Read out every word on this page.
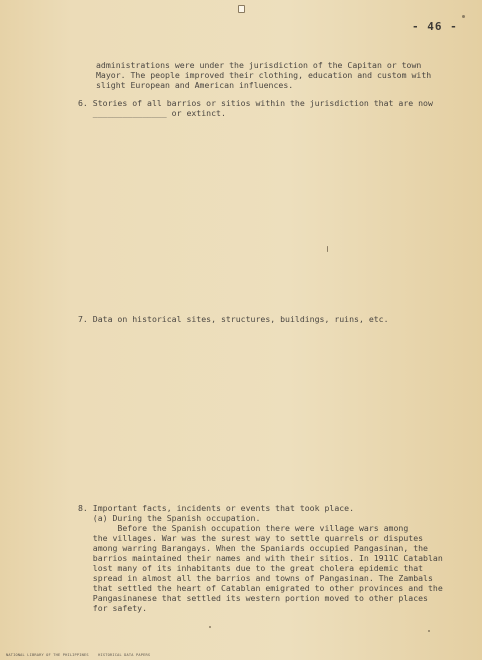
- 46 -
administrations were under the jurisdiction of the Capitan or town
Mayor. The people improved their clothing, education and custom with
slight European and American influences.
6. Stories of all barrios or sitios within the jurisdiction that are now
_______________ or extinct.
7. Data on historical sites, structures, buildings, ruins, etc.
8. Important facts, incidents or events that took place.
(a) During the Spanish occupation.
Before the Spanish occupation there were village wars among
the villages. War was the surest way to settle quarrels or disputes
among warring Barangays. When the Spaniards occupied Pangasinan, the
barrios maintained their names and with their sitios. In 1911C Catablan
lost many of its inhabitants due to the great cholera epidemic that
spread in almost all the barrios and towns of Pangasinan. The Zambals
that settled the heart of Catablan emigrated to other provinces and the
Pangasinanese that settled its western portion moved to other places
for safety.
NATIONAL LIBRARY OF THE PHILIPPINES    HISTORICAL DATA PAPERS
